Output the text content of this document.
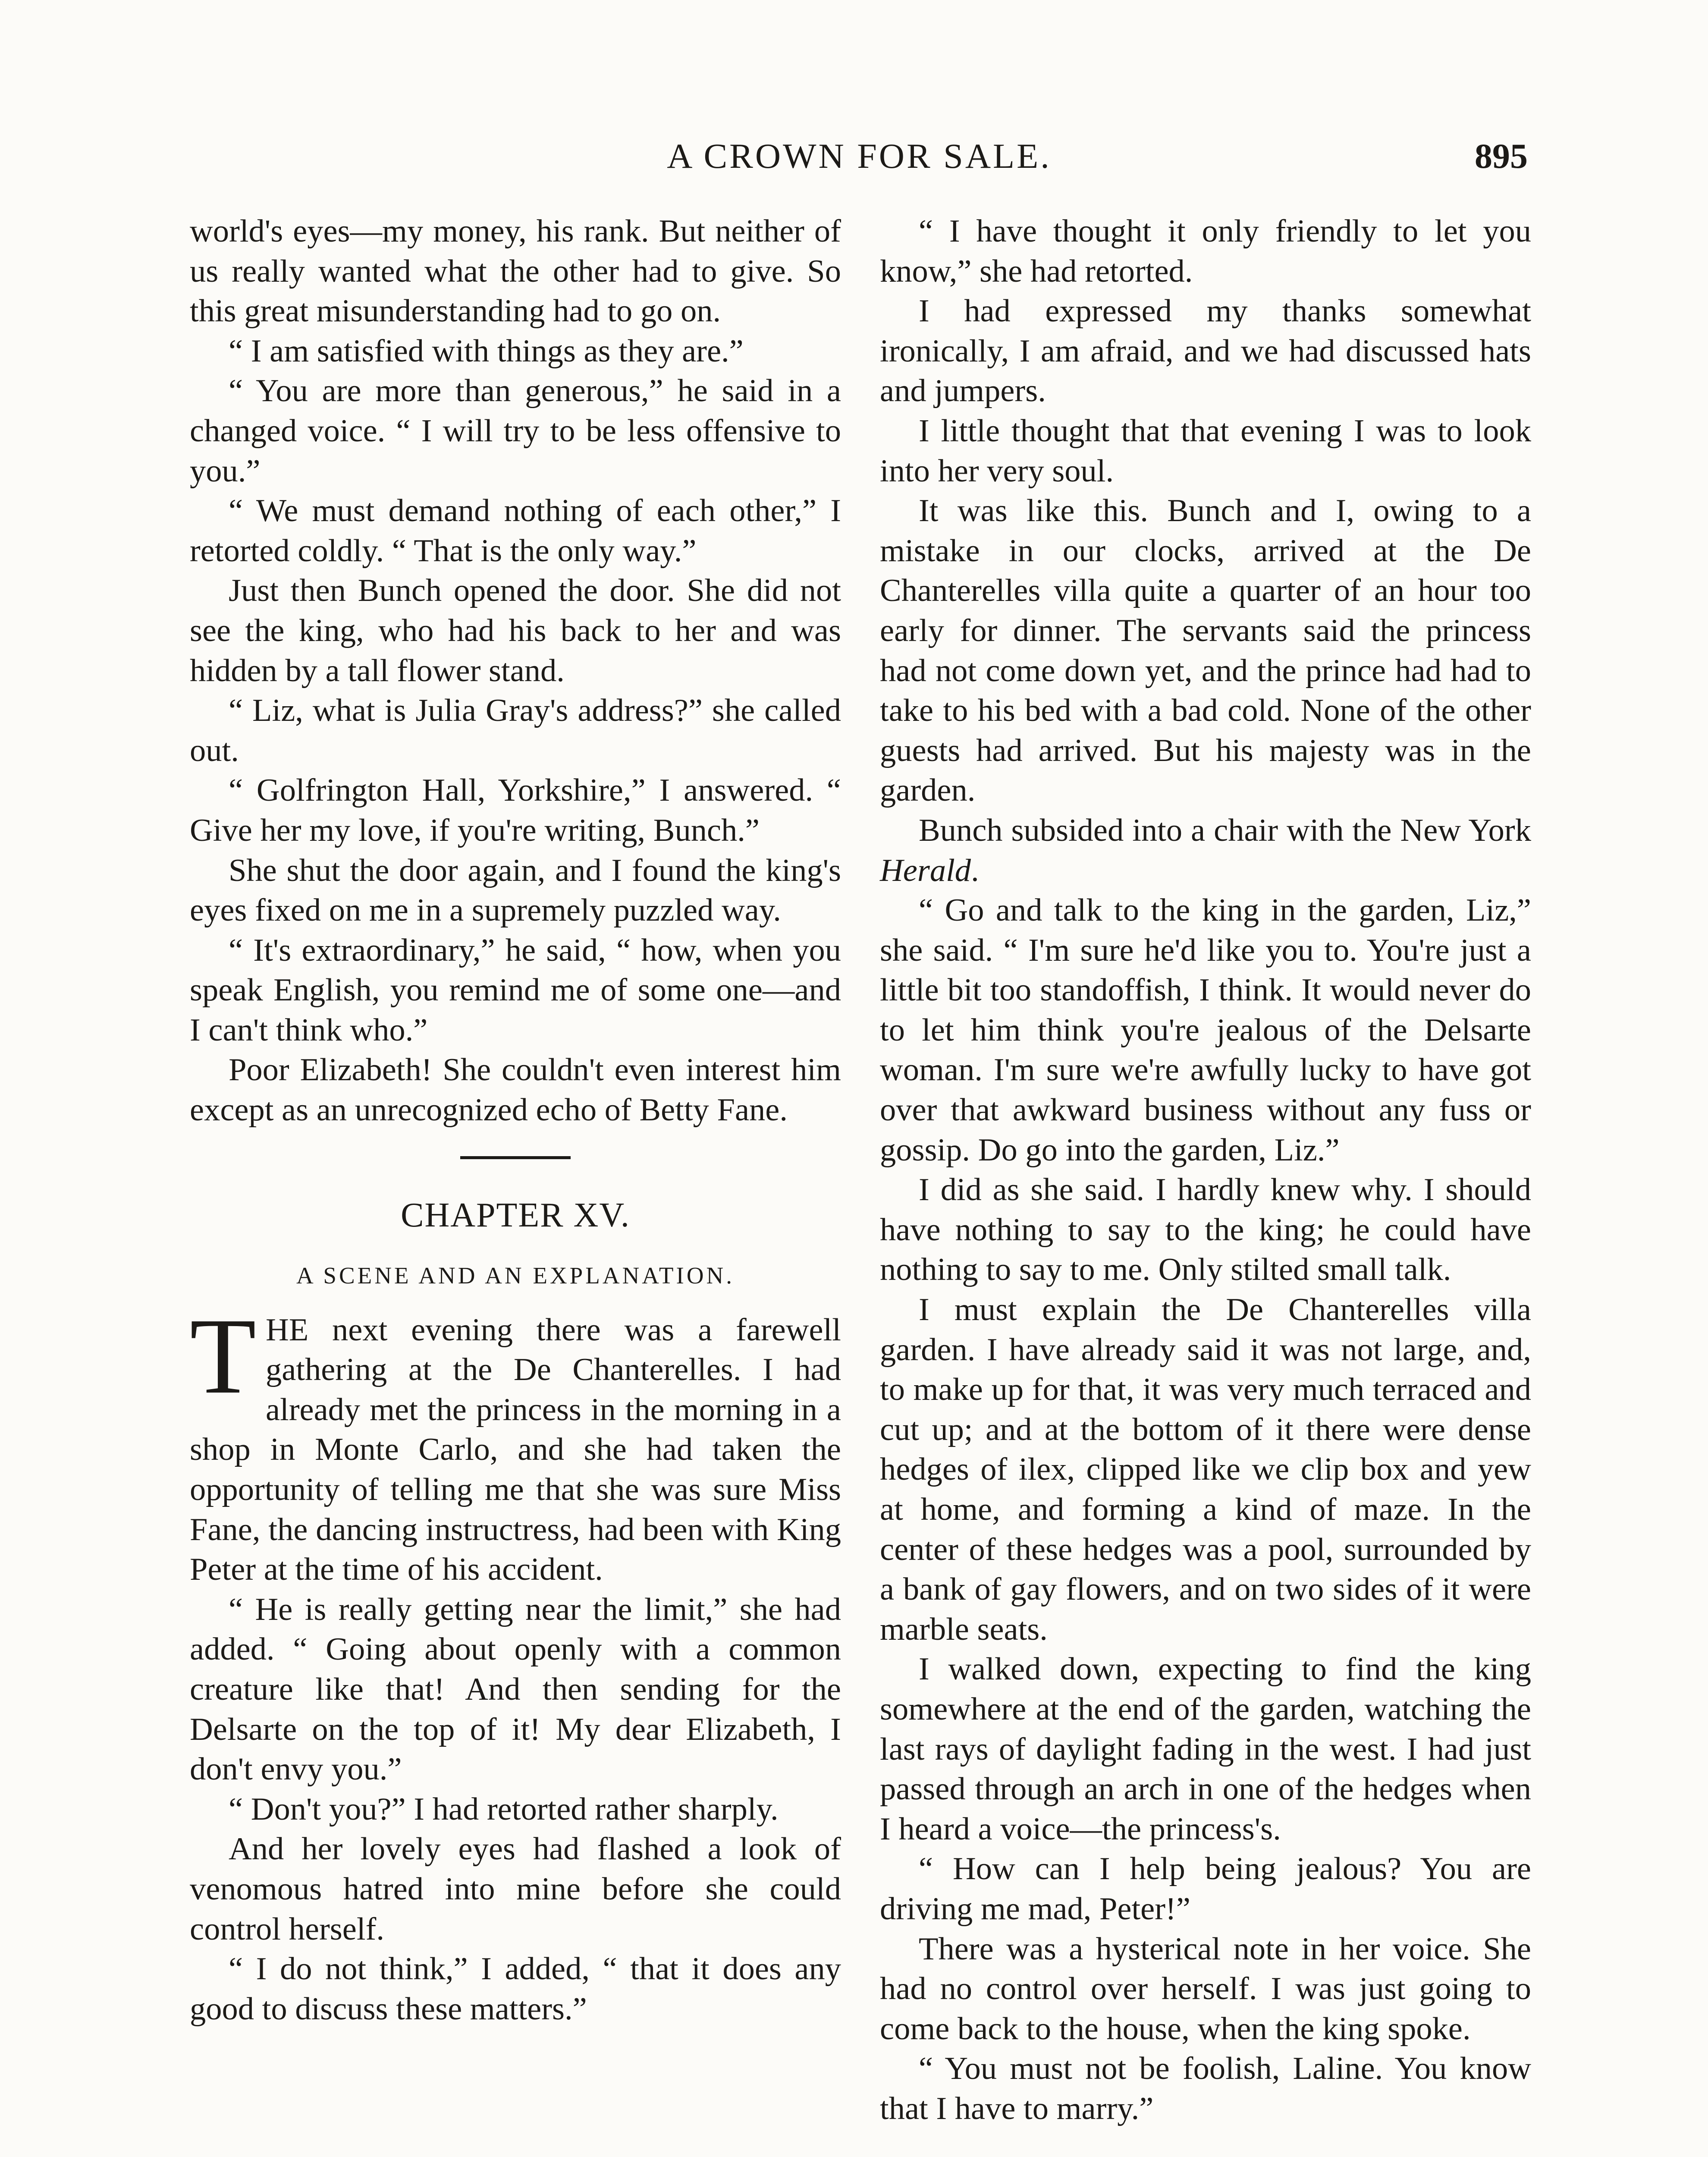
A CROWN FOR SALE.	895

world's eyes—my money, his rank. But neither of us really wanted what the other had to give. So this great misunderstanding had to go on.

“ I am satisfied with things as they are.”

“ You are more than generous,” he said in a changed voice. “ I will try to be less offensive to you.”

“ We must demand nothing of each other,” I retorted coldly. “ That is the only way.”

Just then Bunch opened the door. She did not see the king, who had his back to her and was hidden by a tall flower stand.

“ Liz, what is Julia Gray's address?” she called out.

“ Golfrington Hall, Yorkshire,” I answered. “ Give her my love, if you're writing, Bunch.”

She shut the door again, and I found the king's eyes fixed on me in a supremely puzzled way.

“ It's extraordinary,” he said, “ how, when you speak English, you remind me of some one—and I can't think who.”

Poor Elizabeth! She couldn't even interest him except as an unrecognized echo of Betty Fane.

CHAPTER XV.
A SCENE AND AN EXPLANATION.

THE next evening there was a farewell gathering at the De Chanterelles. I had already met the princess in the morning in a shop in Monte Carlo, and she had taken the opportunity of telling me that she was sure Miss Fane, the dancing instructress, had been with King Peter at the time of his accident.

“ He is really getting near the limit,” she had added. “ Going about openly with a common creature like that! And then sending for the Delsarte on the top of it! My dear Elizabeth, I don't envy you.”

“ Don't you?” I had retorted rather sharply.

And her lovely eyes had flashed a look of venomous hatred into mine before she could control herself.

“ I do not think,” I added, “ that it does any good to discuss these matters.”

“ I have thought it only friendly to let you know,” she had retorted.

I had expressed my thanks somewhat ironically, I am afraid, and we had discussed hats and jumpers.

I little thought that that evening I was to look into her very soul.

It was like this. Bunch and I, owing to a mistake in our clocks, arrived at the De Chanterelles villa quite a quarter of an hour too early for dinner. The servants said the princess had not come down yet, and the prince had had to take to his bed with a bad cold. None of the other guests had arrived. But his majesty was in the garden.

Bunch subsided into a chair with the New York Herald.

“ Go and talk to the king in the garden, Liz,” she said. “ I'm sure he'd like you to. You're just a little bit too standoffish, I think. It would never do to let him think you're jealous of the Delsarte woman. I'm sure we're awfully lucky to have got over that awkward business without any fuss or gossip. Do go into the garden, Liz.”

I did as she said. I hardly knew why. I should have nothing to say to the king; he could have nothing to say to me. Only stilted small talk.

I must explain the De Chanterelles villa garden. I have already said it was not large, and, to make up for that, it was very much terraced and cut up; and at the bottom of it there were dense hedges of ilex, clipped like we clip box and yew at home, and forming a kind of maze. In the center of these hedges was a pool, surrounded by a bank of gay flowers, and on two sides of it were marble seats.

I walked down, expecting to find the king somewhere at the end of the garden, watching the last rays of daylight fading in the west. I had just passed through an arch in one of the hedges when I heard a voice—the princess's.

“ How can I help being jealous? You are driving me mad, Peter!”

There was a hysterical note in her voice. She had no control over herself. I was just going to come back to the house, when the king spoke.

“ You must not be foolish, Laline. You know that I have to marry.”
